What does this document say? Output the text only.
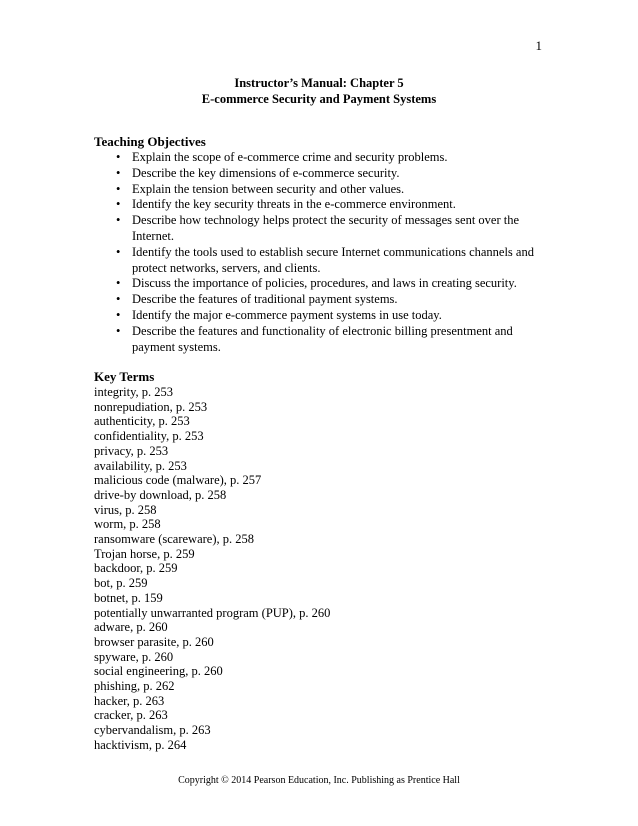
1
Instructor’s Manual: Chapter 5
E-commerce Security and Payment Systems
Teaching Objectives
• Explain the scope of e-commerce crime and security problems.
• Describe the key dimensions of e-commerce security.
• Explain the tension between security and other values.
• Identify the key security threats in the e-commerce environment.
• Describe how technology helps protect the security of messages sent over the Internet.
• Identify the tools used to establish secure Internet communications channels and protect networks, servers, and clients.
• Discuss the importance of policies, procedures, and laws in creating security.
• Describe the features of traditional payment systems.
• Identify the major e-commerce payment systems in use today.
• Describe the features and functionality of electronic billing presentment and payment systems.
Key Terms
integrity, p. 253
nonrepudiation, p. 253
authenticity, p. 253
confidentiality, p. 253
privacy, p. 253
availability, p. 253
malicious code (malware), p. 257
drive-by download, p. 258
virus, p. 258
worm, p. 258
ransomware (scareware), p. 258
Trojan horse, p. 259
backdoor, p. 259
bot, p. 259
botnet, p. 159
potentially unwarranted program (PUP), p. 260
adware, p. 260
browser parasite, p. 260
spyware, p. 260
social engineering, p. 260
phishing, p. 262
hacker, p. 263
cracker, p. 263
cybervandalism, p. 263
hacktivism, p. 264
Copyright © 2014 Pearson Education, Inc. Publishing as Prentice Hall
